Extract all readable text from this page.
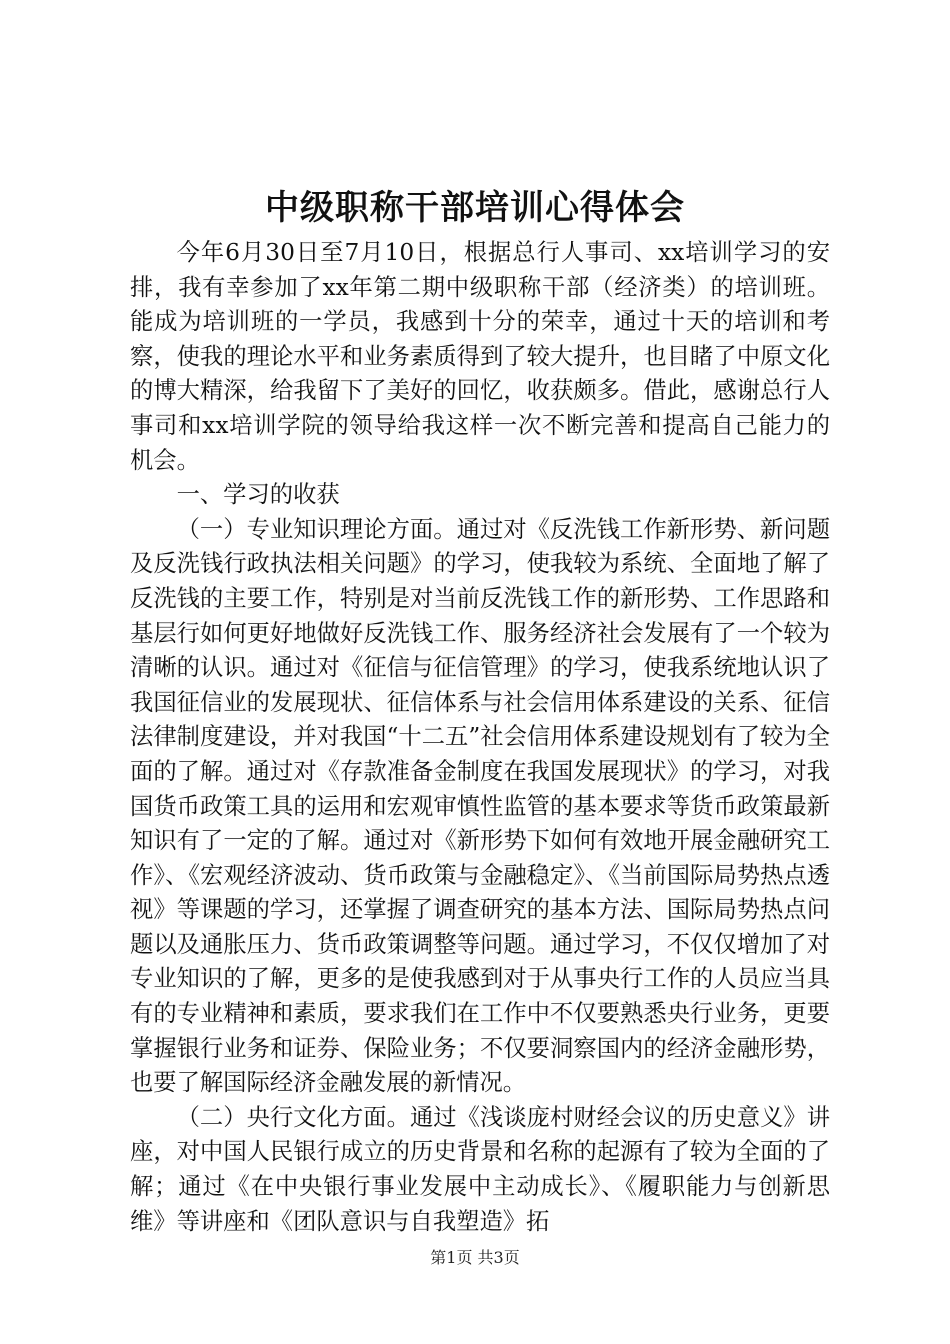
中级职称干部培训心得体会

今年6月30日至7月10日，根据总行人事司、xx培训学习的安排，我有幸参加了xx年第二期中级职称干部（经济类）的培训班。能成为培训班的一学员，我感到十分的荣幸，通过十天的培训和考察，使我的理论水平和业务素质得到了较大提升，也目睹了中原文化的博大精深，给我留下了美好的回忆，收获颇多。借此，感谢总行人事司和xx培训学院的领导给我这样一次不断完善和提高自己能力的机会。

一、学习的收获

（一）专业知识理论方面。通过对《反洗钱工作新形势、新问题及反洗钱行政执法相关问题》的学习，使我较为系统、全面地了解了反洗钱的主要工作，特别是对当前反洗钱工作的新形势、工作思路和基层行如何更好地做好反洗钱工作、服务经济社会发展有了一个较为清晰的认识。通过对《征信与征信管理》的学习，使我系统地认识了我国征信业的发展现状、征信体系与社会信用体系建设的关系、征信法律制度建设，并对我国“十二五”社会信用体系建设规划有了较为全面的了解。通过对《存款准备金制度在我国发展现状》的学习，对我国货币政策工具的运用和宏观审慎性监管的基本要求等货币政策最新知识有了一定的了解。通过对《新形势下如何有效地开展金融研究工作》、《宏观经济波动、货币政策与金融稳定》、《当前国际局势热点透视》等课题的学习，还掌握了调查研究的基本方法、国际局势热点问题以及通胀压力、货币政策调整等问题。通过学习，不仅仅增加了对专业知识的了解，更多的是使我感到对于从事央行工作的人员应当具有的专业精神和素质，要求我们在工作中不仅要熟悉央行业务，更要掌握银行业务和证券、保险业务；不仅要洞察国内的经济金融形势，也要了解国际经济金融发展的新情况。

（二）央行文化方面。通过《浅谈庞村财经会议的历史意义》讲座，对中国人民银行成立的历史背景和名称的起源有了较为全面的了解；通过《在中央银行事业发展中主动成长》、《履职能力与创新思维》等讲座和《团队意识与自我塑造》拓

第1页 共3页
